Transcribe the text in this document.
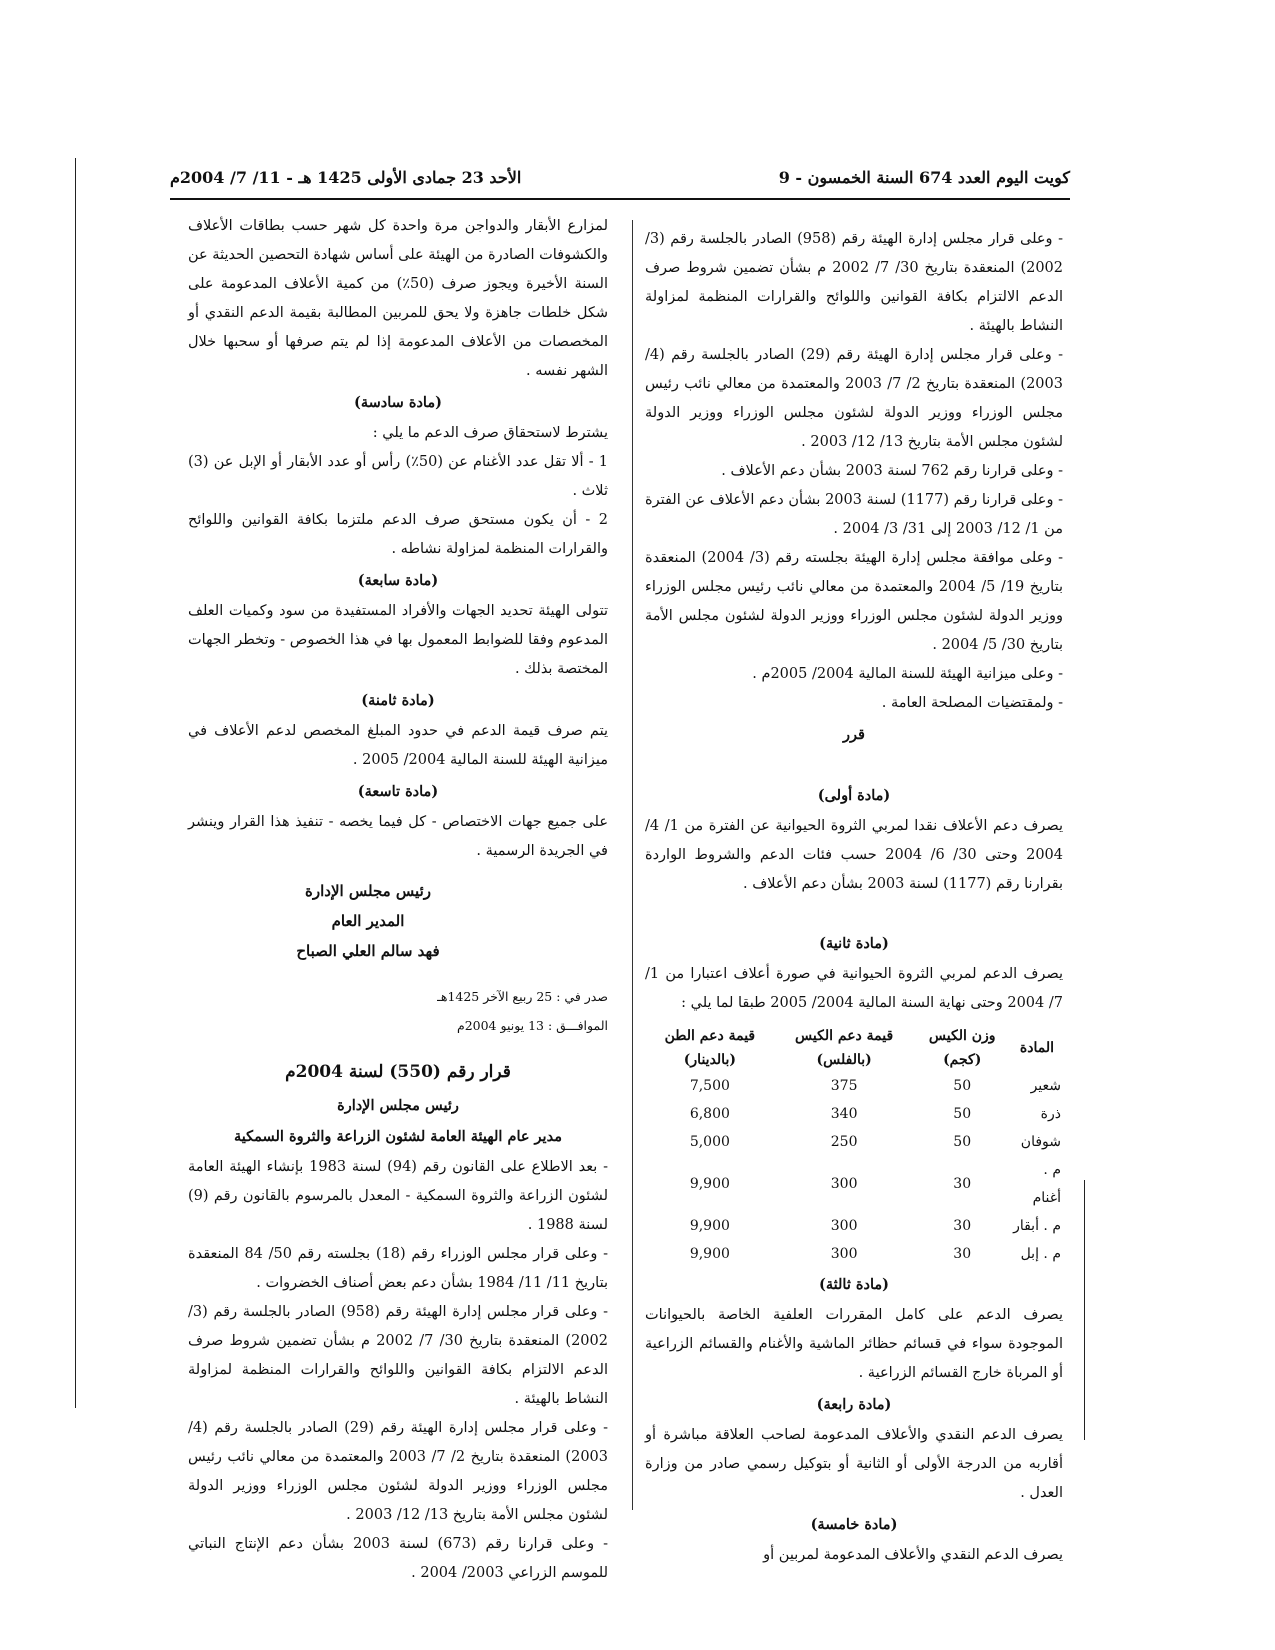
كويت اليوم العدد 674 السنة الخمسون - 9
الأحد 23 جمادى الأولى 1425 هـ - 11/ 7/ 2004م

- وعلى قرار مجلس إدارة الهيئة رقم (958) الصادر بالجلسة رقم (3/ 2002) المنعقدة بتاريخ 30/ 7/ 2002 م بشأن تضمين شروط صرف الدعم الالتزام بكافة القوانين واللوائح والقرارات المنظمة لمزاولة النشاط بالهيئة .

- وعلى قرار مجلس إدارة الهيئة رقم (29) الصادر بالجلسة رقم (4/ 2003) المنعقدة بتاريخ 2/ 7/ 2003 والمعتمدة من معالي نائب رئيس مجلس الوزراء ووزير الدولة لشئون مجلس الوزراء ووزير الدولة لشئون مجلس الأمة بتاريخ 13/ 12/ 2003 .

- وعلى قرارنا رقم 762 لسنة 2003 بشأن دعم الأعلاف .

- وعلى قرارنا رقم (1177) لسنة 2003 بشأن دعم الأعلاف عن الفترة من 1/ 12/ 2003 إلى 31/ 3/ 2004 .

- وعلى موافقة مجلس إدارة الهيئة بجلسته رقم (3/ 2004) المنعقدة بتاريخ 19/ 5/ 2004 والمعتمدة من معالي نائب رئيس مجلس الوزراء ووزير الدولة لشئون مجلس الوزراء ووزير الدولة لشئون مجلس الأمة بتاريخ 30/ 5/ 2004 .

- وعلى ميزانية الهيئة للسنة المالية 2004/ 2005م .

- ولمقتضيات المصلحة العامة .

قرر

(مادة أولى)

يصرف دعم الأعلاف نقدا لمربي الثروة الحيوانية عن الفترة من 1/ 4/ 2004 وحتى 30/ 6/ 2004 حسب فئات الدعم والشروط الواردة بقرارنا رقم (1177) لسنة 2003 بشأن دعم الأعلاف .

(مادة ثانية)

يصرف الدعم لمربي الثروة الحيوانية في صورة أعلاف اعتبارا من 1/ 7/ 2004 وحتى نهاية السنة المالية 2004/ 2005 طبقا لما يلي :

المادة	وزن الكيس (كجم)	قيمة دعم الكيس (بالفلس)	قيمة دعم الطن (بالدينار)
شعير	50	375	7,500
ذرة	50	340	6,800
شوفان	50	250	5,000
م . أغنام	30	300	9,900
م . أبقار	30	300	9,900
م . إبل	30	300	9,900

(مادة ثالثة)

يصرف الدعم على كامل المقررات العلفية الخاصة بالحيوانات الموجودة سواء في قسائم حظائر الماشية والأغنام والقسائم الزراعية أو المرباة خارج القسائم الزراعية .

(مادة رابعة)

يصرف الدعم النقدي والأعلاف المدعومة لصاحب العلاقة مباشرة أو أقاربه من الدرجة الأولى أو الثانية أو بتوكيل رسمي صادر من وزارة العدل .

(مادة خامسة)

يصرف الدعم النقدي والأعلاف المدعومة لمربين أو

لمزارع الأبقار والدواجن مرة واحدة كل شهر حسب بطاقات الأعلاف والكشوفات الصادرة من الهيئة على أساس شهادة التحصين الحديثة عن السنة الأخيرة ويجوز صرف (50٪) من كمية الأعلاف المدعومة على شكل خلطات جاهزة ولا يحق للمربين المطالبة بقيمة الدعم النقدي أو المخصصات من الأعلاف المدعومة إذا لم يتم صرفها أو سحبها خلال الشهر نفسه .

(مادة سادسة)

يشترط لاستحقاق صرف الدعم ما يلي :

1 - ألا تقل عدد الأغنام عن (50٪) رأس أو عدد الأبقار أو الإبل عن (3) ثلاث .

2 - أن يكون مستحق صرف الدعم ملتزما بكافة القوانين واللوائح والقرارات المنظمة لمزاولة نشاطه .

(مادة سابعة)

تتولى الهيئة تحديد الجهات والأفراد المستفيدة من سود وكميات العلف المدعوم وفقا للضوابط المعمول بها في هذا الخصوص - وتخطر الجهات المختصة بذلك .

(مادة ثامنة)

يتم صرف قيمة الدعم في حدود المبلغ المخصص لدعم الأعلاف في ميزانية الهيئة للسنة المالية 2004/ 2005 .

(مادة تاسعة)

على جميع جهات الاختصاص - كل فيما يخصه - تنفيذ هذا القرار وينشر في الجريدة الرسمية .

رئيس مجلس الإدارة

المدير العام

فهد سالم العلي الصباح

صدر في : 25 ربيع الآخر 1425هـ

الموافـــق : 13 يونيو 2004م

قرار رقم (550) لسنة 2004م

رئيس مجلس الإدارة

مدير عام الهيئة العامة لشئون الزراعة والثروة السمكية

- بعد الاطلاع على القانون رقم (94) لسنة 1983 بإنشاء الهيئة العامة لشئون الزراعة والثروة السمكية - المعدل بالمرسوم بالقانون رقم (9) لسنة 1988 .

- وعلى قرار مجلس الوزراء رقم (18) بجلسته رقم 50/ 84 المنعقدة بتاريخ 11/ 11/ 1984 بشأن دعم بعض أصناف الخضروات .

- وعلى قرار مجلس إدارة الهيئة رقم (958) الصادر بالجلسة رقم (3/ 2002) المنعقدة بتاريخ 30/ 7/ 2002 م بشأن تضمين شروط صرف الدعم الالتزام بكافة القوانين واللوائح والقرارات المنظمة لمزاولة النشاط بالهيئة .

- وعلى قرار مجلس إدارة الهيئة رقم (29) الصادر بالجلسة رقم (4/ 2003) المنعقدة بتاريخ 2/ 7/ 2003 والمعتمدة من معالي نائب رئيس مجلس الوزراء ووزير الدولة لشئون مجلس الوزراء ووزير الدولة لشئون مجلس الأمة بتاريخ 13/ 12/ 2003 .

- وعلى قرارنا رقم (673) لسنة 2003 بشأن دعم الإنتاج النباتي للموسم الزراعي 2003/ 2004 .
